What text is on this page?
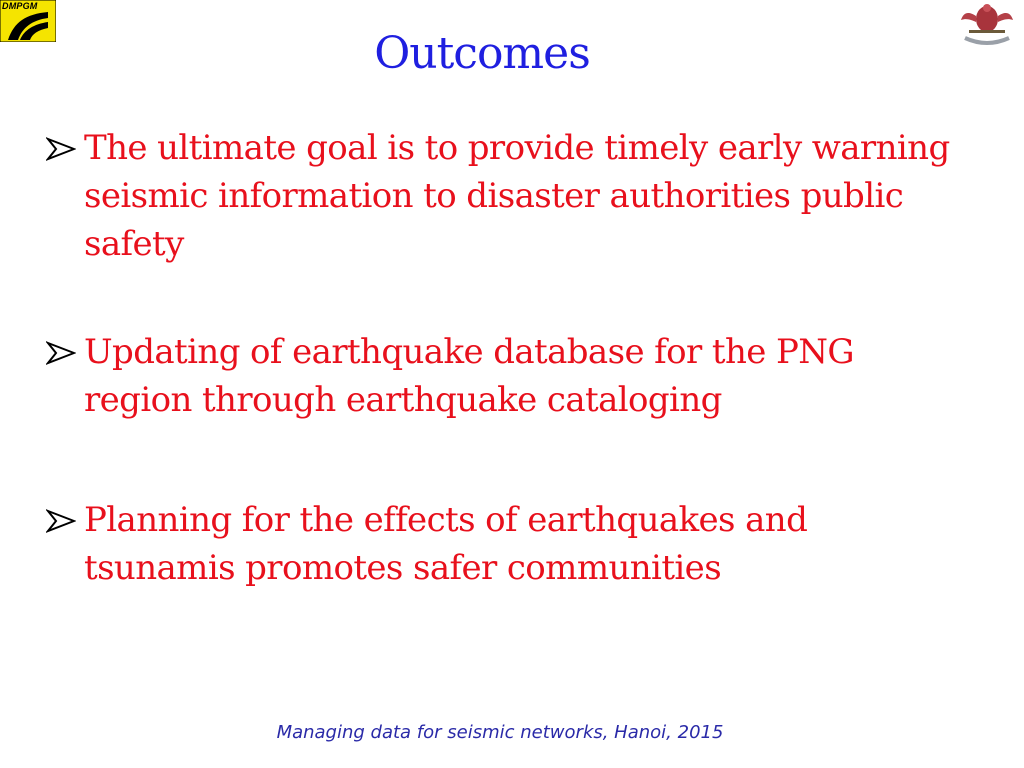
DMPGM
Outcomes
The ultimate goal is to provide timely early warning seismic information to disaster authorities public safety
Updating of earthquake database for the PNG region through earthquake cataloging
Planning for the effects of earthquakes and tsunamis promotes safer communities
Managing data for seismic networks, Hanoi, 2015
